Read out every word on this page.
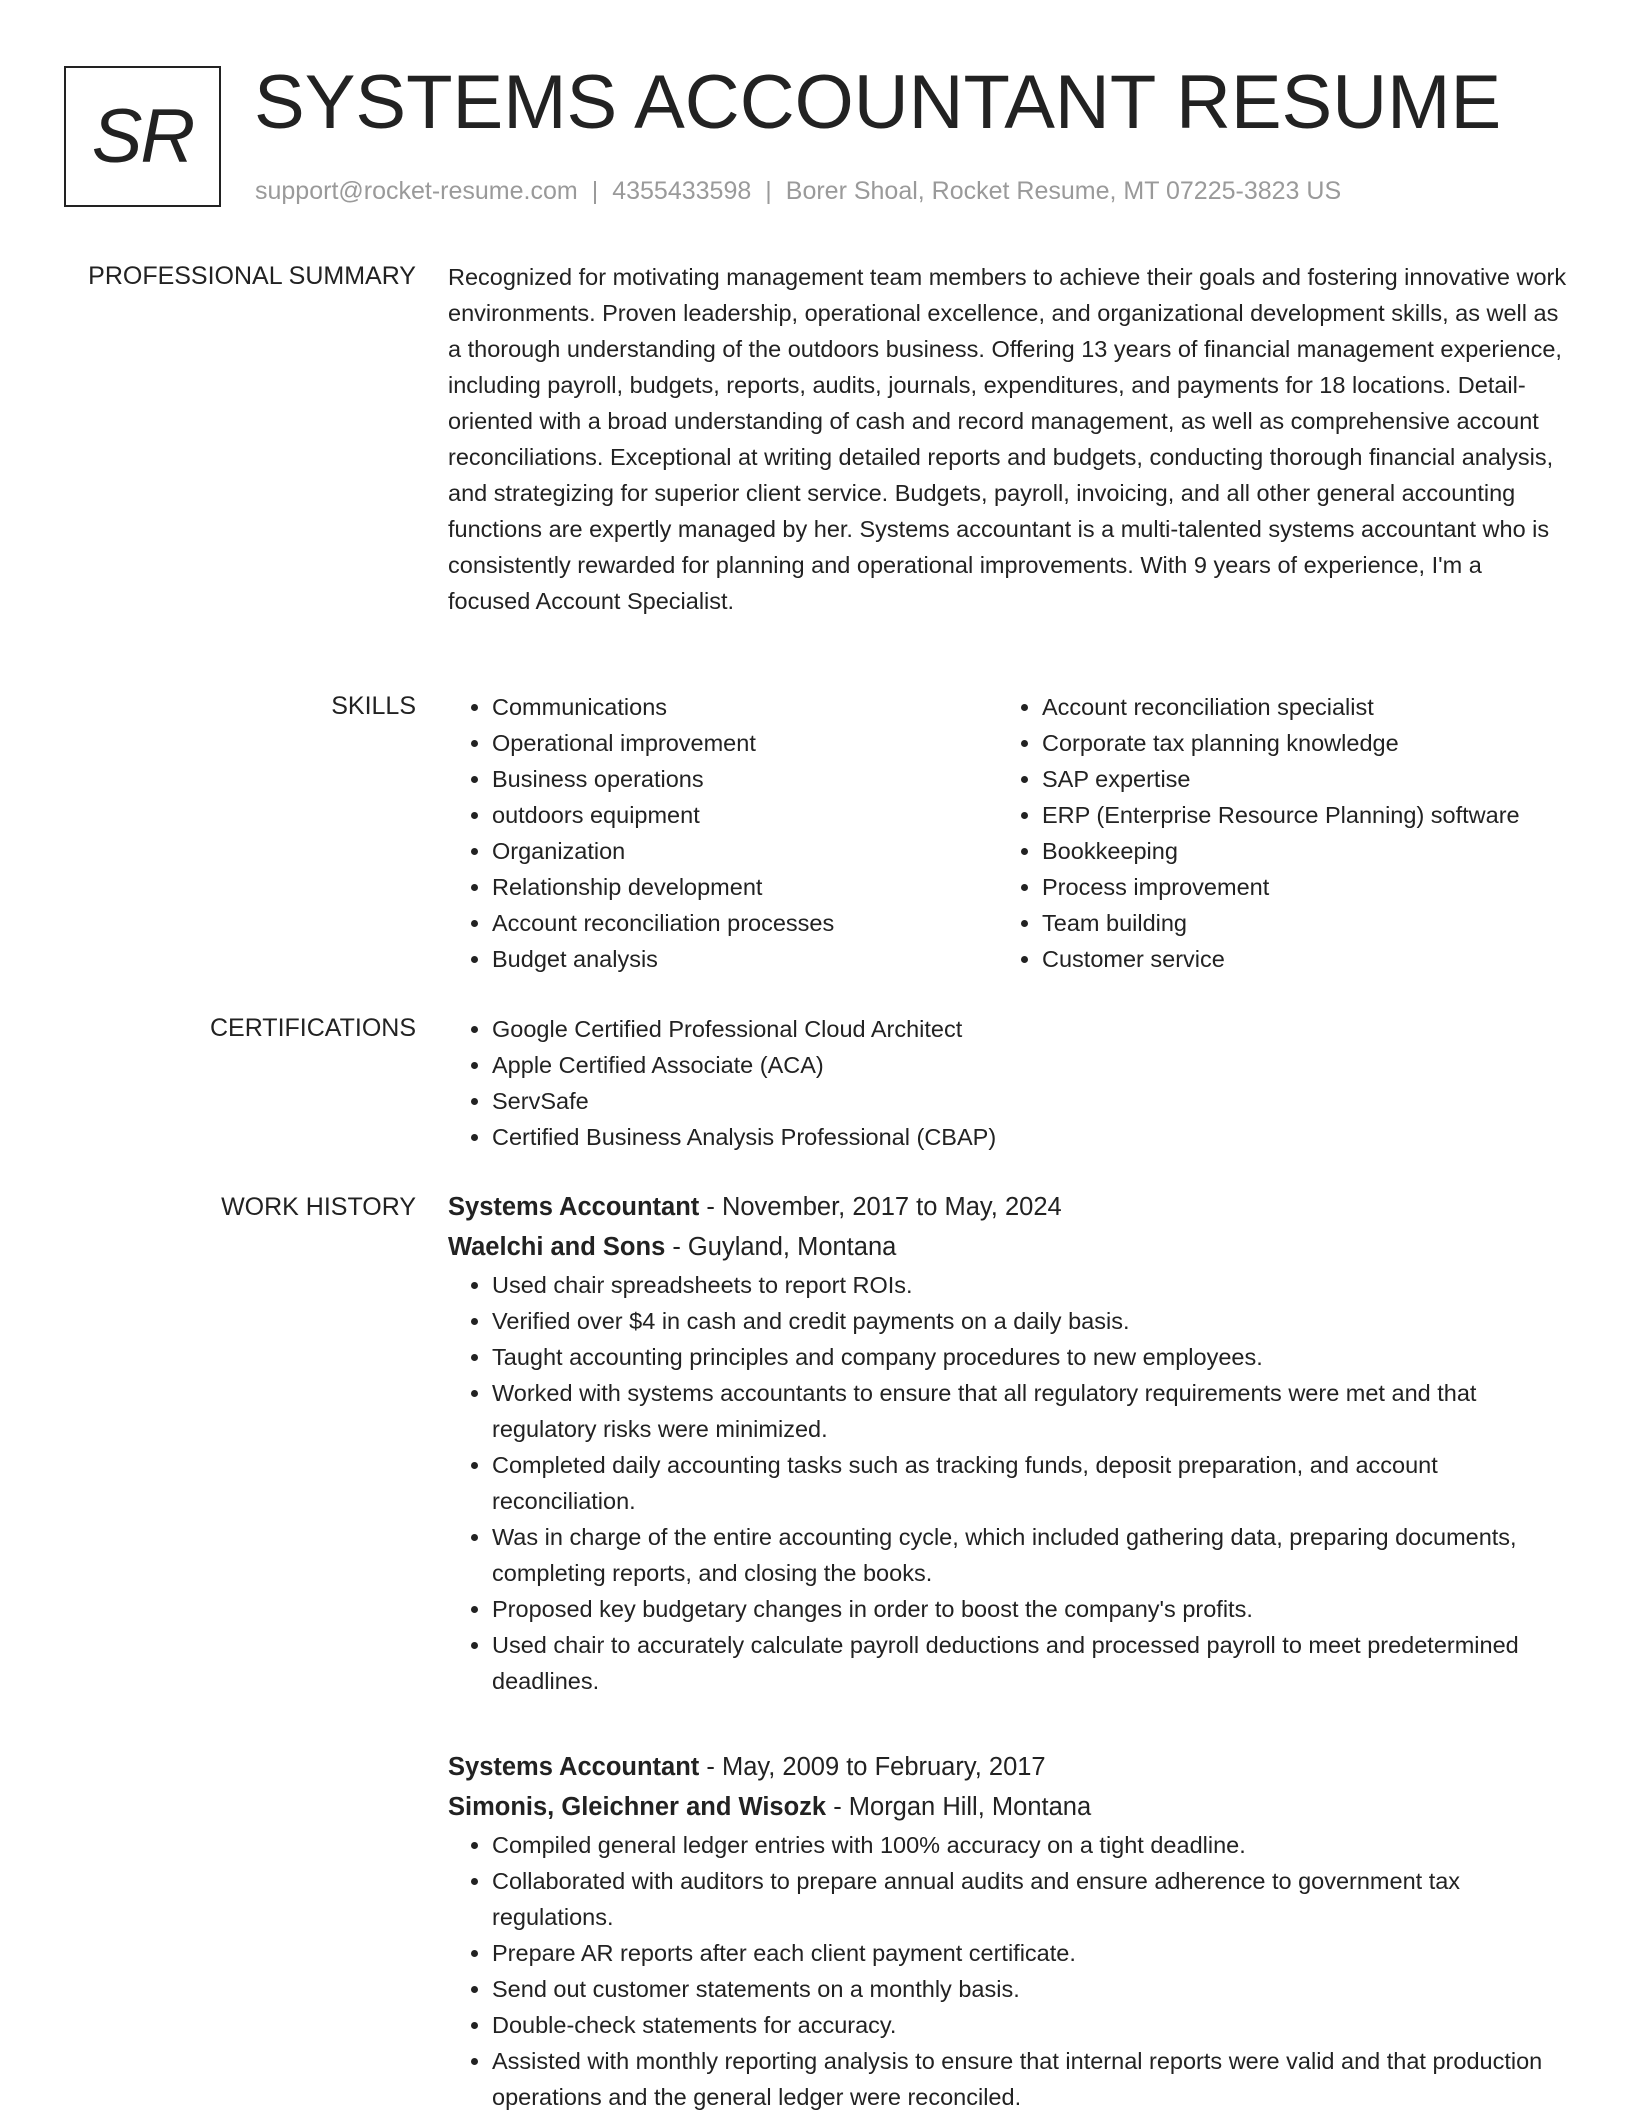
SR SYSTEMS ACCOUNTANT RESUME
support@rocket-resume.com | 4355433598 | Borer Shoal, Rocket Resume, MT 07225-3823 US
PROFESSIONAL SUMMARY Recognized for motivating management team members to achieve their goals and fostering innovative work environments. Proven leadership, operational excellence, and organizational development skills, as well as a thorough understanding of the outdoors business. Offering 13 years of financial management experience, including payroll, budgets, reports, audits, journals, expenditures, and payments for 18 locations. Detail-oriented with a broad understanding of cash and record management, as well as comprehensive account reconciliations. Exceptional at writing detailed reports and budgets, conducting thorough financial analysis, and strategizing for superior client service. Budgets, payroll, invoicing, and all other general accounting functions are expertly managed by her. Systems accountant is a multi-talented systems accountant who is consistently rewarded for planning and operational improvements. With 9 years of experience, I'm a focused Account Specialist.

SKILLS	• Communications
• Operational improvement
• Business operations
• outdoors equipment
• Organization
• Relationship development
• Account reconciliation processes
• Budget analysis
• Account reconciliation specialist
• Corporate tax planning knowledge
• SAP expertise
• ERP (Enterprise Resource Planning) software
• Bookkeeping
• Process improvement
• Team building
• Customer service
CERTIFICATIONS	• Google Certified Professional Cloud Architect
• Apple Certified Associate (ACA)
• ServSafe
• Certified Business Analysis Professional (CBAP)
WORK HISTORY Systems Accountant - November, 2017 to May, 2024
Waelchi and Sons - Guyland, Montana
• Used chair spreadsheets to report ROIs.
• Verified over $4 in cash and credit payments on a daily basis.
• Taught accounting principles and company procedures to new employees.
• Worked with systems accountants to ensure that all regulatory requirements were met and that regulatory risks were minimized.
• Completed daily accounting tasks such as tracking funds, deposit preparation, and account reconciliation.
• Was in charge of the entire accounting cycle, which included gathering data, preparing documents, completing reports, and closing the books.
• Proposed key budgetary changes in order to boost the company's profits.
• Used chair to accurately calculate payroll deductions and processed payroll to meet predetermined deadlines.
Systems Accountant - May, 2009 to February, 2017
Simonis, Gleichner and Wisozk - Morgan Hill, Montana
• Compiled general ledger entries with 100% accuracy on a tight deadline.
• Collaborated with auditors to prepare annual audits and ensure adherence to government tax regulations.
• Prepare AR reports after each client payment certificate.
• Send out customer statements on a monthly basis.
• Double-check statements for accuracy.
• Assisted with monthly reporting analysis to ensure that internal reports were valid and that production operations and the general ledger were reconciled.
